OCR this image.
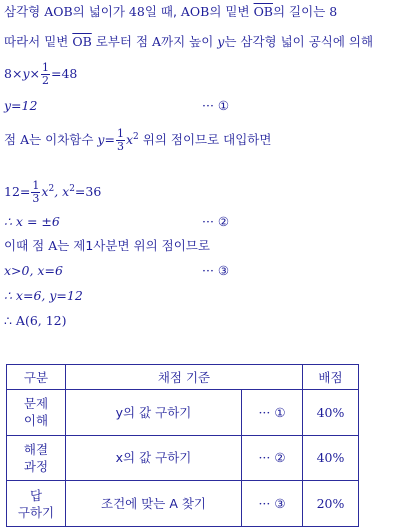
삼각형 AOB의 넓이가 48일 때, AOB의 밑변 $\overline{OB}$의 길이는 8
따라서 밑변 $\overline{OB}$ 로부터 점 A까지 높이 y는 삼각형 넓이 공식에 의해
$8\times y\times \frac{1}{2} =48$
y=12	··· ①
점 A는 이차함수 $y= \frac{1}{3} x^2$ 위의 점이므로 대입하면
$12= \frac{1}{3} x^2$, $x^2=36$
∴ x = ±6	··· ②
이때 점 A는 제1사분면 위의 점이므로
x>0, x=6	··· ③
∴ x=6, y=12
∴ A(6, 12)
구분	채점 기준		배점
문제
이해	y의 값 구하기	··· ①	40%
해결
과정	x의 값 구하기	··· ②	40%
답
구하기	조건에 맞는 A 찾기	··· ③	20%
